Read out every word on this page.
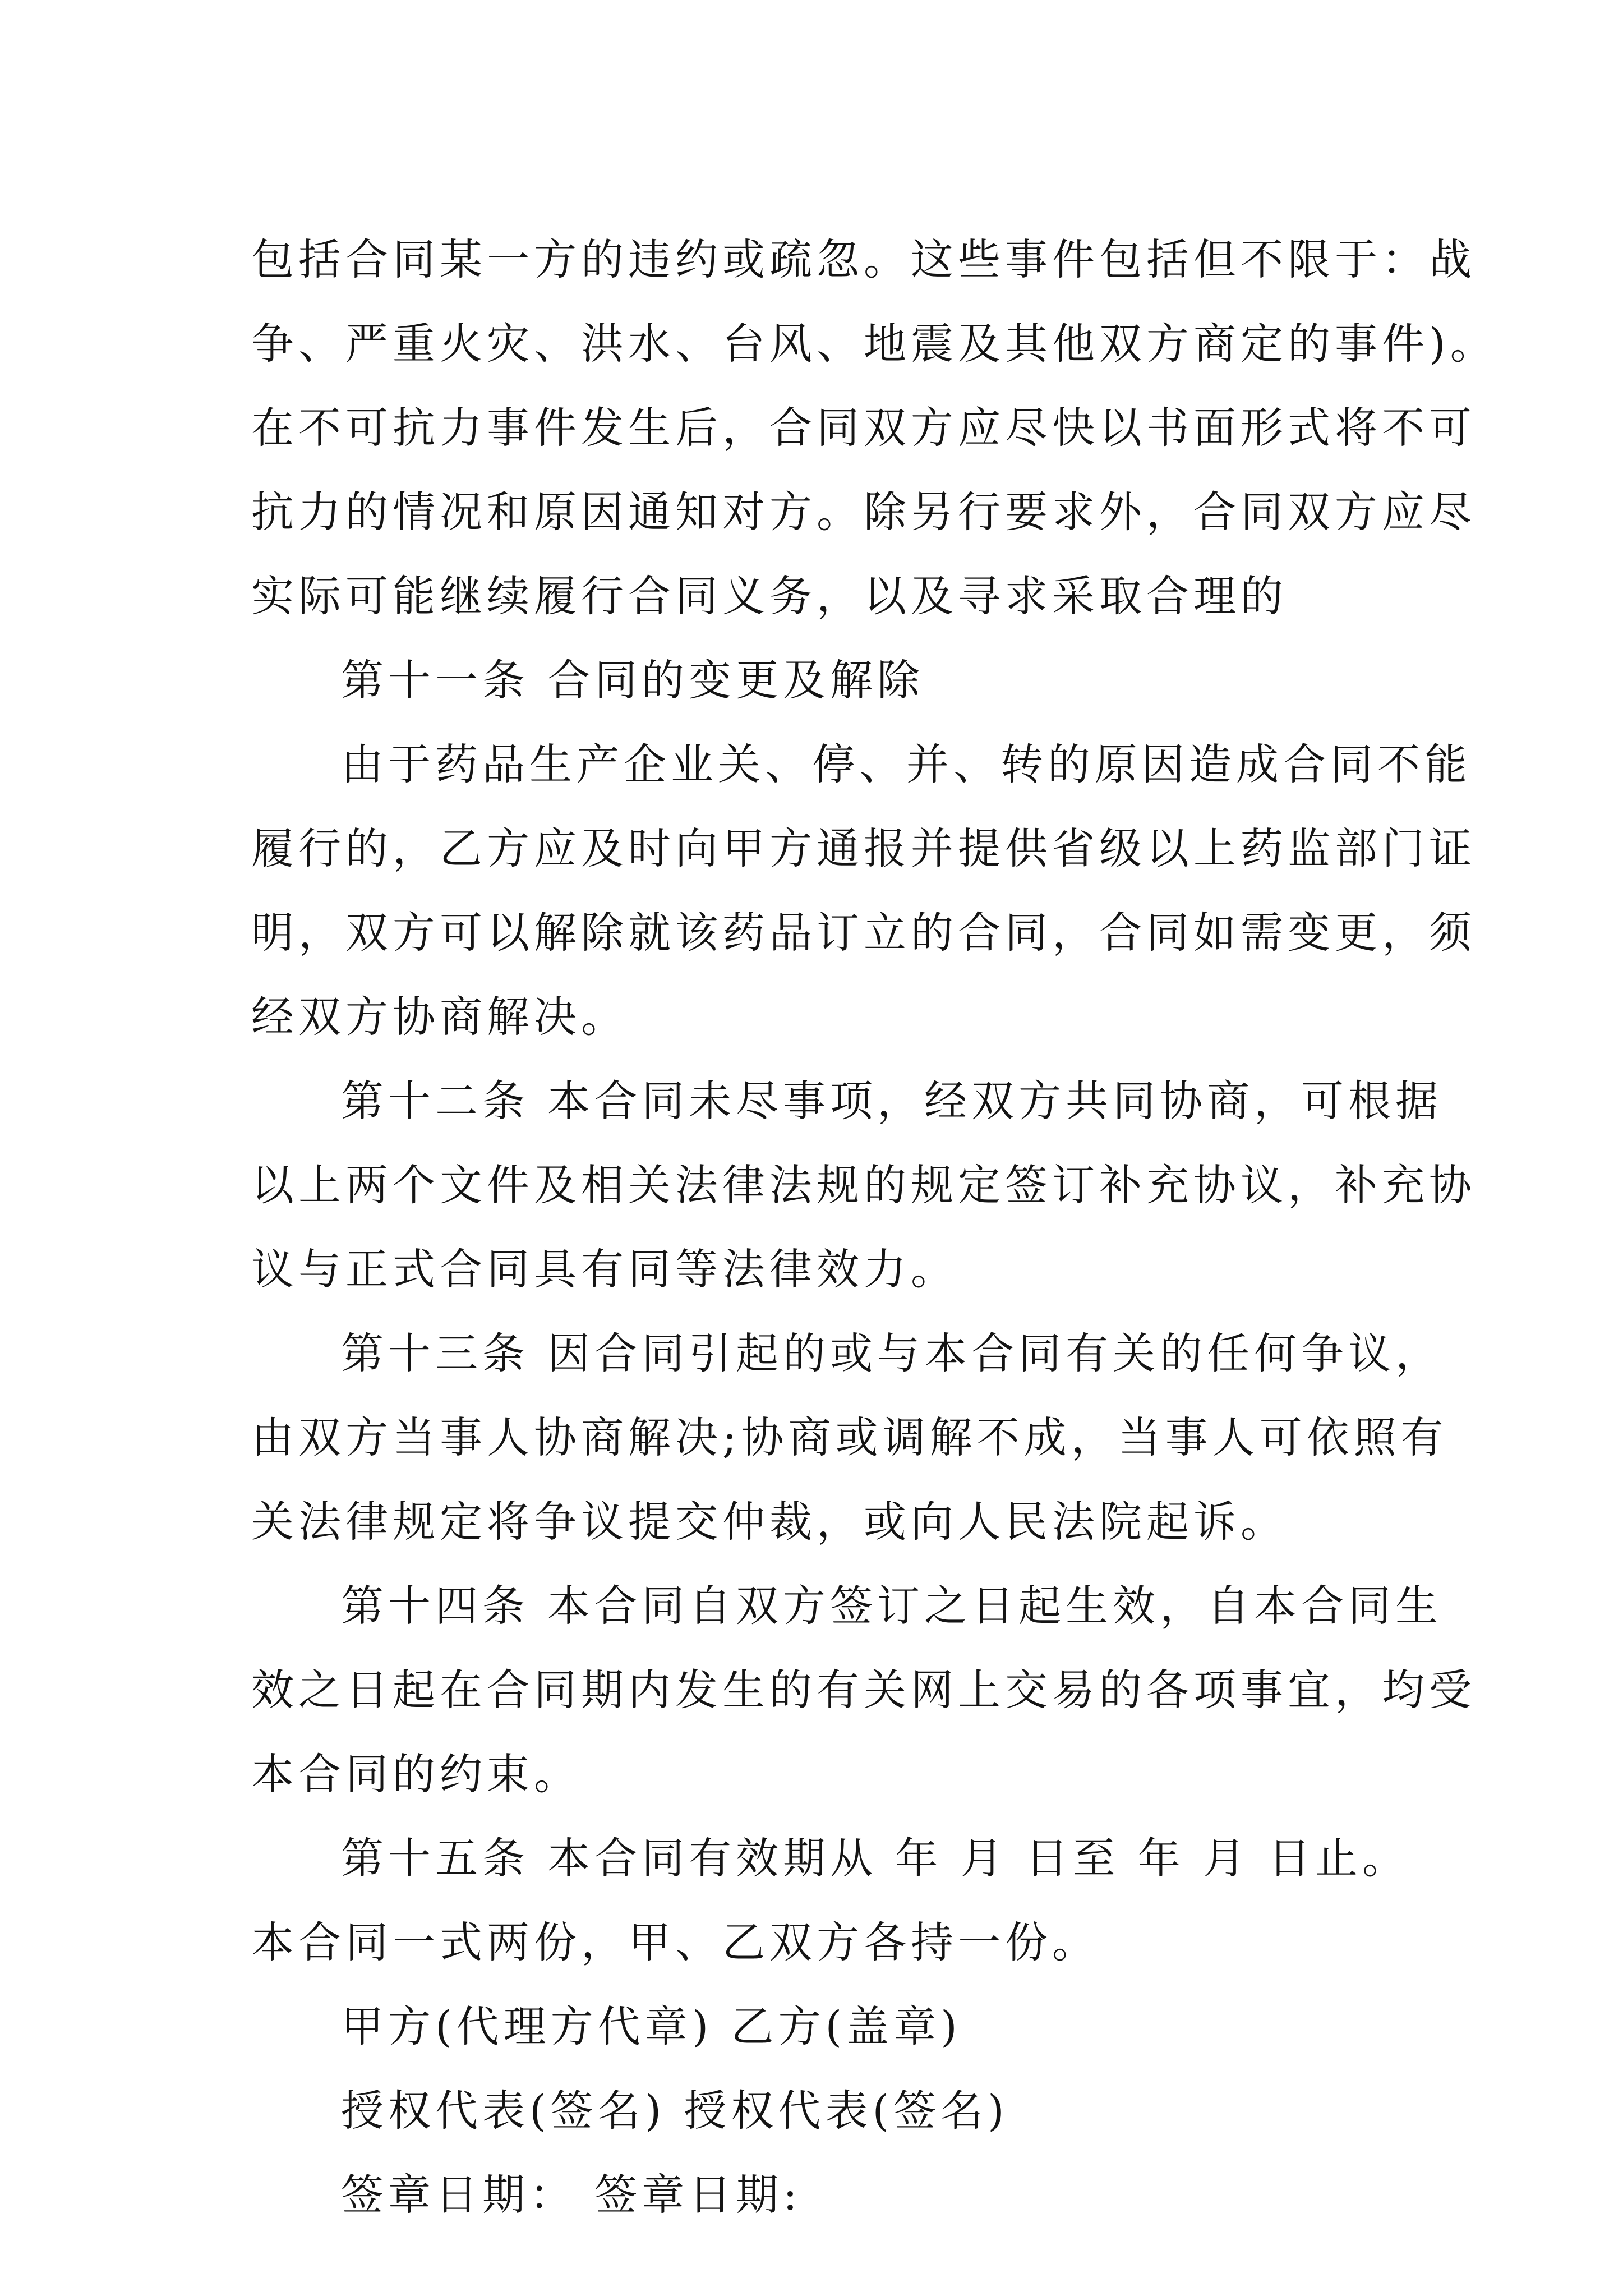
包括合同某一方的违约或疏忽。这些事件包括但不限于：战
争、严重火灾、洪水、台风、地震及其他双方商定的事件)。
在不可抗力事件发生后，合同双方应尽快以书面形式将不可
抗力的情况和原因通知对方。除另行要求外，合同双方应尽
实际可能继续履行合同义务，以及寻求采取合理的
第十一条 合同的变更及解除
由于药品生产企业关、停、并、转的原因造成合同不能
履行的，乙方应及时向甲方通报并提供省级以上药监部门证
明，双方可以解除就该药品订立的合同，合同如需变更，须
经双方协商解决。
第十二条 本合同未尽事项，经双方共同协商，可根据
以上两个文件及相关法律法规的规定签订补充协议，补充协
议与正式合同具有同等法律效力。
第十三条 因合同引起的或与本合同有关的任何争议，
由双方当事人协商解决;协商或调解不成，当事人可依照有
关法律规定将争议提交仲裁，或向人民法院起诉。
第十四条 本合同自双方签订之日起生效，自本合同生
效之日起在合同期内发生的有关网上交易的各项事宜，均受
本合同的约束。
第十五条 本合同有效期从 年 月 日至 年 月 日止。
本合同一式两份，甲、乙双方各持一份。
甲方(代理方代章) 乙方(盖章)
授权代表(签名) 授权代表(签名)
签章日期： 签章日期:
